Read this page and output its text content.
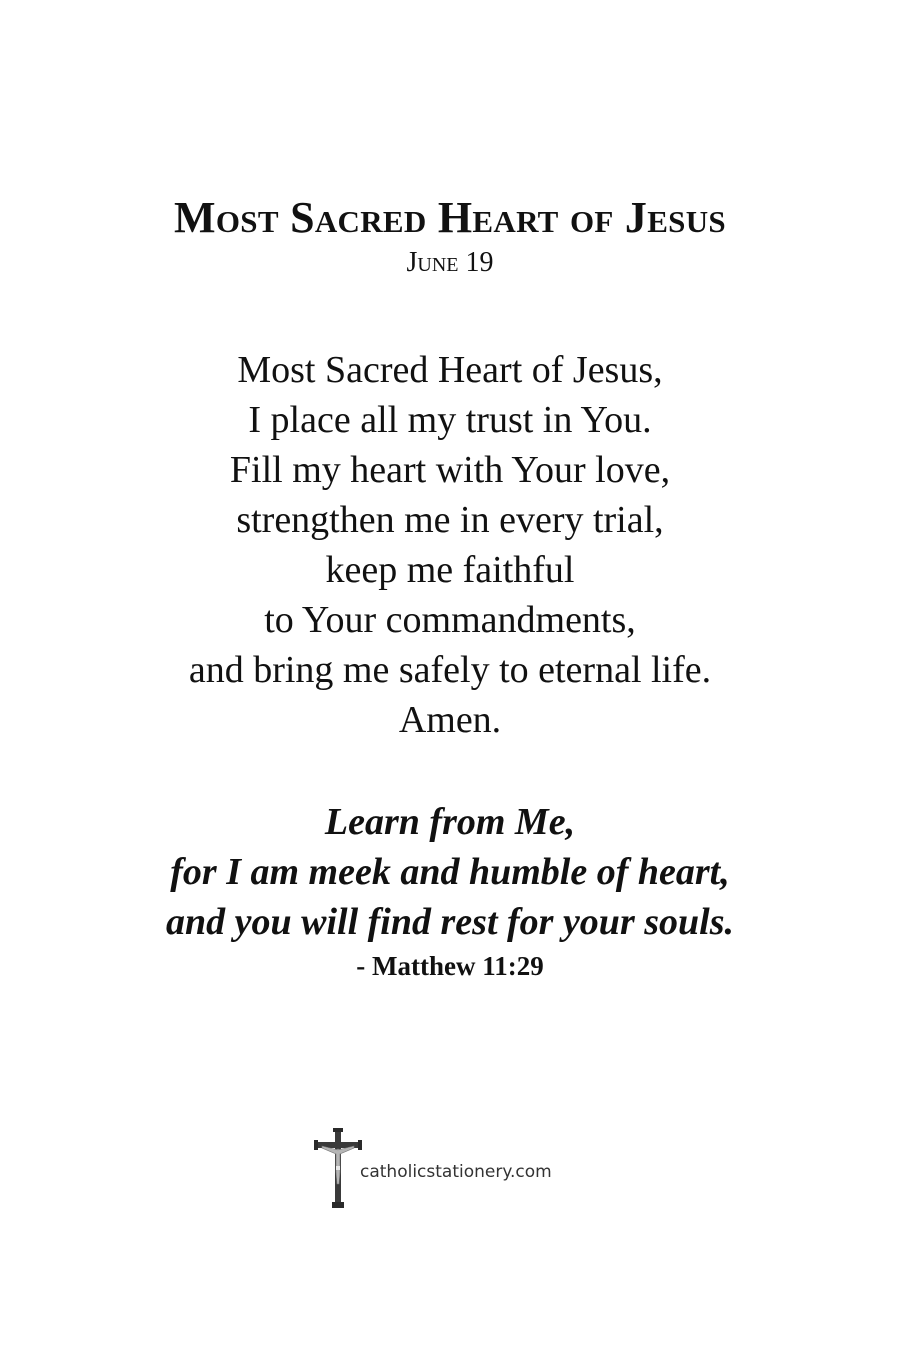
Most Sacred Heart of Jesus
June 19
Most Sacred Heart of Jesus,
I place all my trust in You.
Fill my heart with Your love,
strengthen me in every trial,
keep me faithful
to Your commandments,
and bring me safely to eternal life.
Amen.
Learn from Me,
for I am meek and humble of heart,
and you will find rest for your souls.
- Matthew 11:29
catholicstationery.com
